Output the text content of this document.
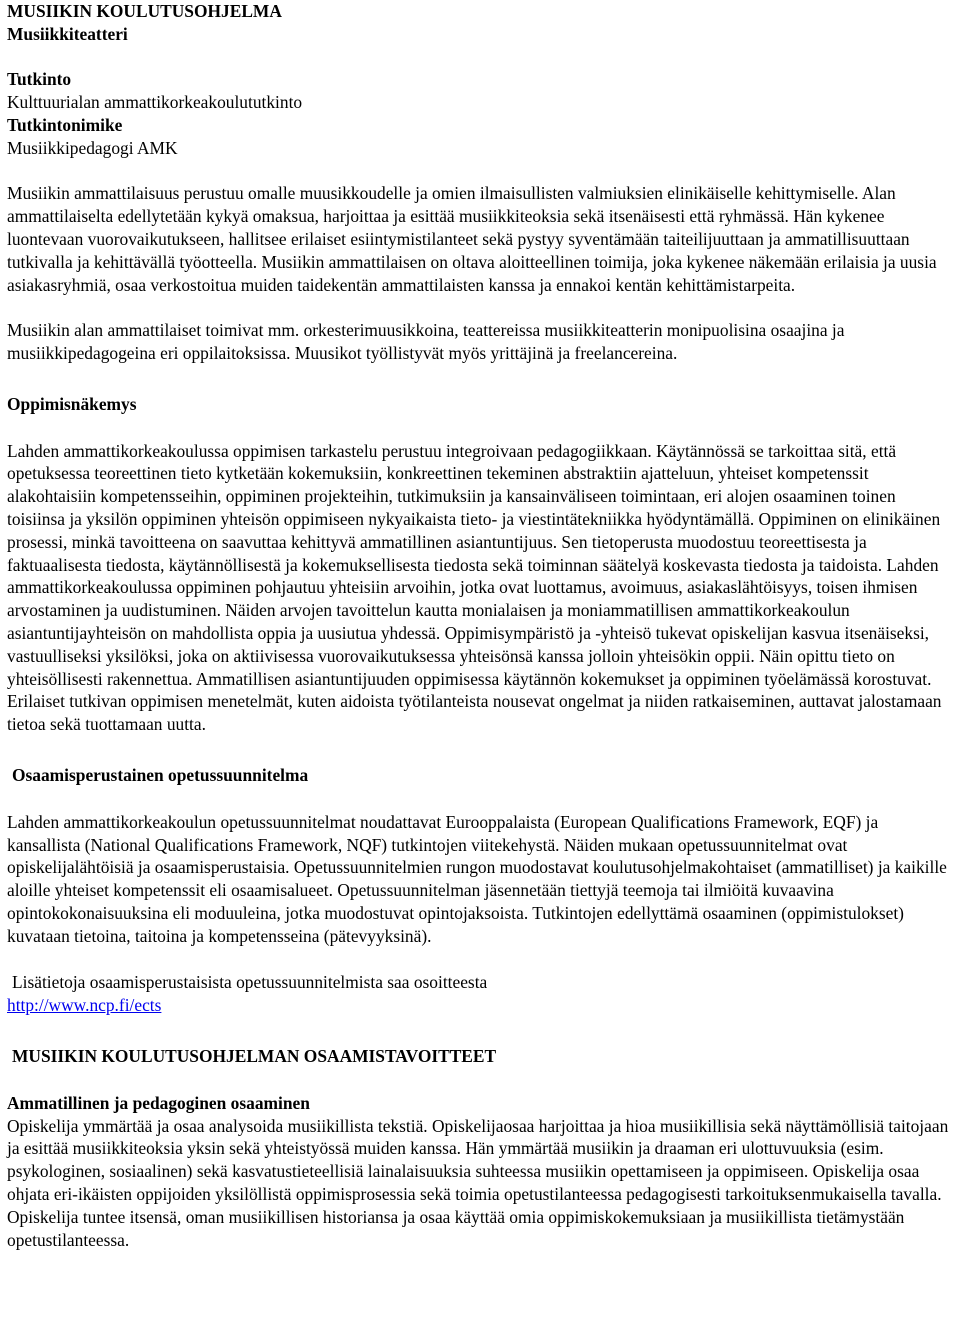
MUSIIKIN KOULUTUSOHJELMA
Musiikkiteatteri
Tutkinto
Kulttuurialan ammattikorkeakoulututkinto
Tutkintonimike
Musiikkipedagogi AMK

Musiikin ammattilaisuus perustuu omalle muusikkoudelle ja omien ilmaisullisten valmiuksien elinikäiselle kehittymiselle. Alan ammattilaiselta edellytetään kykyä omaksua, harjoittaa ja esittää musiikkiteoksia sekä itsenäisesti että ryhmässä. Hän kykenee luontevaan vuorovaikutukseen, hallitsee erilaiset esiintymistilanteet sekä pystyy syventämään taiteilijuuttaan ja ammatillisuuttaan tutkivalla ja kehittävällä työotteella. Musiikin ammattilaisen on oltava aloitteellinen toimija, joka kykenee näkemään erilaisia ja uusia asiakasryhmiä, osaa verkostoitua muiden taidekentän ammattilaisten kanssa ja ennakoi kentän kehittämistarpeita.

Musiikin alan ammattilaiset toimivat mm. orkesterimuusikkoina, teattereissa musiikkiteatterin monipuolisina osaajina ja musiikkipedagogeina eri oppilaitoksissa. Muusikot työllistyvät myös yrittäjinä ja freelancereina.

Oppimisnäkemys

Lahden ammattikorkeakoulussa oppimisen tarkastelu perustuu integroivaan pedagogiikkaan. Käytännössä se tarkoittaa sitä, että opetuksessa teoreettinen tieto kytketään kokemuksiin, konkreettinen tekeminen abstraktiin ajatteluun, yhteiset kompetenssit alakohtaisiin kompetensseihin, oppiminen projekteihin, tutkimuksiin ja kansainväliseen toimintaan, eri alojen osaaminen toinen toisiinsa ja yksilön oppiminen yhteisön oppimiseen nykyaikaista tieto- ja viestintätekniikka hyödyntämällä. Oppiminen on elinikäinen prosessi, minkä tavoitteena on saavuttaa kehittyvä ammatillinen asiantuntijuus. Sen tietoperusta muodostuu teoreettisesta ja faktuaalisesta tiedosta, käytännöllisestä ja kokemuksellisesta tiedosta sekä toiminnan säätelyä koskevasta tiedosta ja taidoista. Lahden ammattikorkeakoulussa oppiminen pohjautuu yhteisiin arvoihin, jotka ovat luottamus, avoimuus, asiakaslähtöisyys, toisen ihmisen arvostaminen ja uudistuminen. Näiden arvojen tavoittelun kautta monialaisen ja moniammatillisen ammattikorkeakoulun asiantuntijayhteisön on mahdollista oppia ja uusiutua yhdessä. Oppimisympäristö ja -yhteisö tukevat opiskelijan kasvua itsenäiseksi, vastuulliseksi yksilöksi, joka on aktiivisessa vuorovaikutuksessa yhteisönsä kanssa jolloin yhteisökin oppii. Näin opittu tieto on yhteisöllisesti rakennettua. Ammatillisen asiantuntijuuden oppimisessa käytännön kokemukset ja oppiminen työelämässä korostuvat. Erilaiset tutkivan oppimisen menetelmät, kuten aidoista työtilanteista nousevat ongelmat ja niiden ratkaiseminen, auttavat jalostamaan tietoa sekä tuottamaan uutta.

Osaamisperustainen opetussuunnitelma

Lahden ammattikorkeakoulun opetussuunnitelmat noudattavat Eurooppalaista (European Qualifications Framework, EQF) ja kansallista (National Qualifications Framework, NQF) tutkintojen viitekehystä. Näiden mukaan opetussuunnitelmat ovat opiskelijalähtöisiä ja osaamisperustaisia. Opetussuunnitelmien rungon muodostavat koulutusohjelmakohtaiset (ammatilliset) ja kaikille aloille yhteiset kompetenssit eli osaamisalueet. Opetussuunnitelman jäsennetään tiettyjä teemoja tai ilmiöitä kuvaavina opintokokonaisuuksina eli moduuleina, jotka muodostuvat opintojaksoista. Tutkintojen edellyttämä osaaminen (oppimistulokset) kuvataan tietoina, taitoina ja kompetensseina (pätevyyksinä).

Lisätietoja osaamisperustaisista opetussuunnitelmista saa osoitteesta
http://www.ncp.fi/ects
MUSIIKIN KOULUTUSOHJELMAN OSAAMISTAVOITTEET
Ammatillinen ja pedagoginen osaaminen

Opiskelija ymmärtää ja osaa analysoida musiikillista tekstiä. Opiskelijaosaa harjoittaa ja hioa musiikillisia sekä näyttämöllisiä taitojaan ja esittää musiikkiteoksia yksin sekä yhteistyössä muiden kanssa. Hän ymmärtää musiikin ja draaman eri ulottuvuuksia (esim. psykologinen, sosiaalinen) sekä kasvatustieteellisiä lainalaisuuksia suhteessa musiikin opettamiseen ja oppimiseen. Opiskelija osaa ohjata eri-ikäisten oppijoiden yksilöllistä oppimisprosessia sekä toimia opetustilanteessa pedagogisesti tarkoituksenmukaisella tavalla. Opiskelija tuntee itsensä, oman musiikillisen historiansa ja osaa käyttää omia oppimiskokemuksiaan ja musiikillista tietämystään opetustilanteessa.
